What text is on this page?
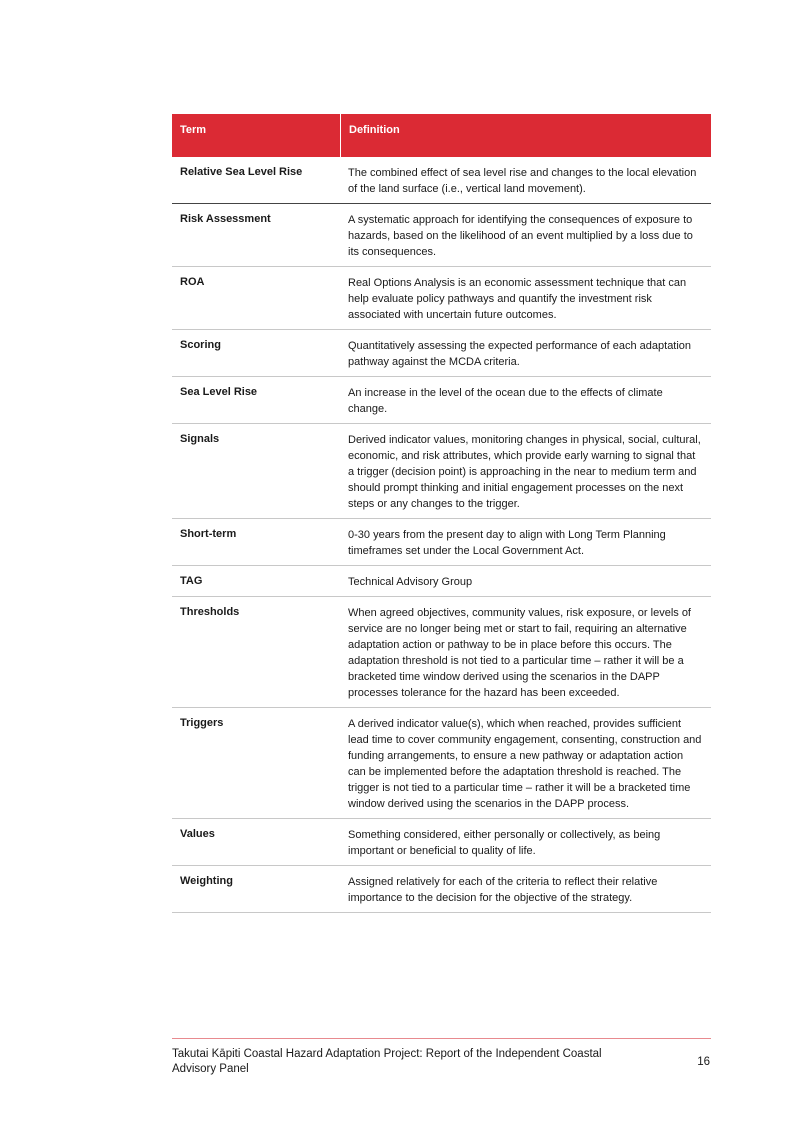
Term	Definition
Relative Sea Level Rise	The combined effect of sea level rise and changes to the local elevation of the land surface (i.e., vertical land movement).
Risk Assessment	A systematic approach for identifying the consequences of exposure to hazards, based on the likelihood of an event multiplied by a loss due to its consequences.
ROA	Real Options Analysis is an economic assessment technique that can help evaluate policy pathways and quantify the investment risk associated with uncertain future outcomes.
Scoring	Quantitatively assessing the expected performance of each adaptation pathway against the MCDA criteria.
Sea Level Rise	An increase in the level of the ocean due to the effects of climate change.
Signals	Derived indicator values, monitoring changes in physical, social, cultural, economic, and risk attributes, which provide early warning to signal that a trigger (decision point) is approaching in the near to medium term and should prompt thinking and initial engagement processes on the next steps or any changes to the trigger.
Short-term	0-30 years from the present day to align with Long Term Planning timeframes set under the Local Government Act.
TAG	Technical Advisory Group
Thresholds	When agreed objectives, community values, risk exposure, or levels of service are no longer being met or start to fail, requiring an alternative adaptation action or pathway to be in place before this occurs. The adaptation threshold is not tied to a particular time – rather it will be a bracketed time window derived using the scenarios in the DAPP processes tolerance for the hazard has been exceeded.
Triggers	A derived indicator value(s), which when reached, provides sufficient lead time to cover community engagement, consenting, construction and funding arrangements, to ensure a new pathway or adaptation action can be implemented before the adaptation threshold is reached. The trigger is not tied to a particular time – rather it will be a bracketed time window derived using the scenarios in the DAPP process.
Values	Something considered, either personally or collectively, as being important or beneficial to quality of life.
Weighting	Assigned relatively for each of the criteria to reflect their relative importance to the decision for the objective of the strategy.
Takutai Kāpiti Coastal Hazard Adaptation Project: Report of the Independent Coastal Advisory Panel
16
